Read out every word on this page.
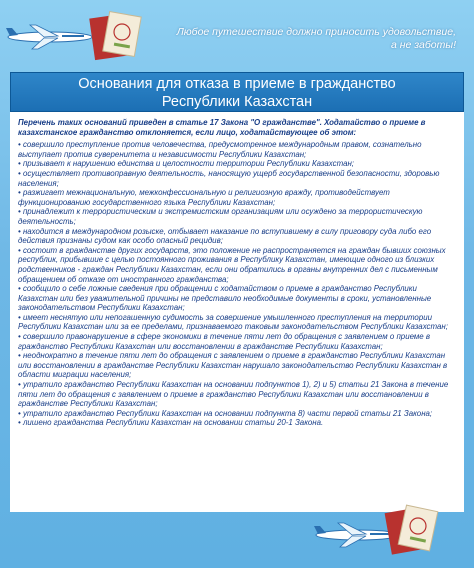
Любое путешествие должно приносить удовольствие,
а не заботы!
Основания для отказа в приеме в гражданство
Республики Казахстан
Перечень таких оснований приведен в статье 17 Закона "О гражданстве". Ходатайство о приеме в казахстанское гражданство отклоняется, если лицо, ходатайствующее об этом:

• совершило преступление против человечества, предусмотренное международным правом, сознательно выступает против суверенитета и независимости Республики Казахстан;

• призывает к нарушению единства и целостности территории Республики Казахстан;

• осуществляет противоправную деятельность, наносящую ущерб государственной безопасности, здоровью населения;

• разжигает межнациональную, межконфессиональную и религиозную вражду, противодействует функционированию государственного языка Республики Казахстан;

• принадлежит к террористическим и экстремистским организациям или осуждено за террористическую деятельность;

• находится в международном розыске, отбывает наказание по вступившему в силу приговору суда либо его действия признаны судом как особо опасный рецидив;

• состоит в гражданстве других государств, это положение не распространяется на граждан бывших союзных республик, прибывшие с целью постоянного проживания в Республику Казахстан, имеющие одного из близких родственников - граждан Республики Казахстан, если они обратились в органы внутренних дел с письменным обращением об отказе от иностранного гражданства;

• сообщило о себе ложные сведения при обращении с ходатайством о приеме в гражданство Республики Казахстан или без уважительной причины не представило необходимые документы в сроки, установленные законодательством Республики Казахстан;

• имеет неснятую или непогашенную судимость за совершение умышленного преступления на территории Республики Казахстан или за ее пределами, признаваемого таковым законодательством Республики Казахстан;

• совершило правонарушение в сфере экономики в течение пяти лет до обращения с заявлением о приеме в гражданство Республики Казахстан или восстановлении в гражданстве Республики Казахстан;

• неоднократно в течение пяти лет до обращения с заявлением о приеме в гражданство Республики Казахстан или восстановлении в гражданстве Республики Казахстан нарушало законодательство Республики Казахстан в области миграции населения;

• утратило гражданство Республики Казахстан на основании подпунктов 1), 2) и 5) статьи 21 Закона в течение пяти лет до обращения с заявлением о приеме в гражданство Республики Казахстан или восстановлении в гражданстве Республики Казахстан;

• утратило гражданство Республики Казахстан на основании подпункта 8) части первой статьи 21 Закона;

• лишено гражданства Республики Казахстан на основании статьи 20-1 Закона.
